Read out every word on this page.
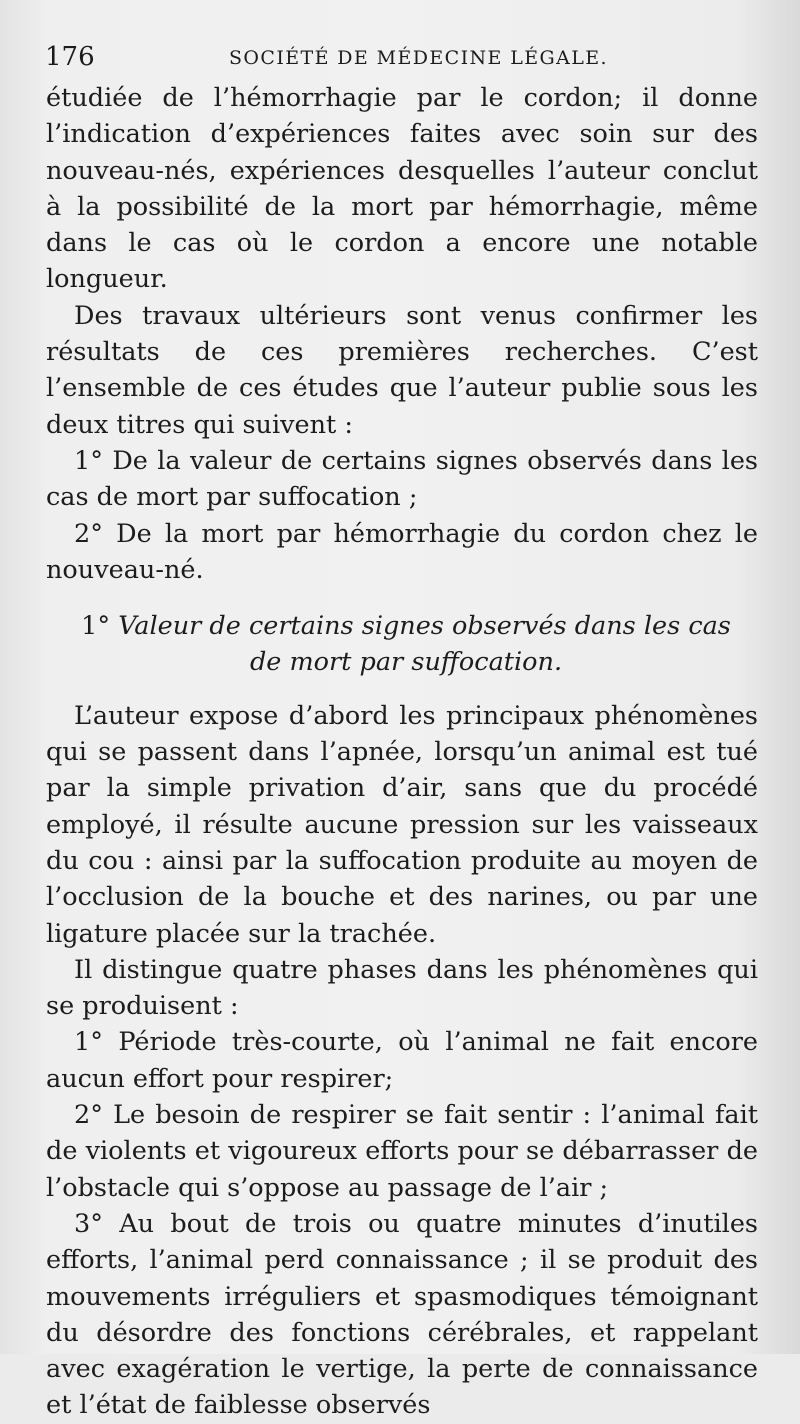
176	SOCIÉTÉ DE MÉDECINE LÉGALE.

étudiée de l’hémorrhagie par le cordon; il donne l’indication d’expériences faites avec soin sur des nouveau-nés, expériences desquelles l’auteur conclut à la possibilité de la mort par hémorrhagie, même dans le cas où le cordon a encore une notable longueur.

Des travaux ultérieurs sont venus confirmer les résultats de ces premières recherches. C’est l’ensemble de ces études que l’auteur publie sous les deux titres qui suivent :

1° De la valeur de certains signes observés dans les cas de mort par suffocation ;

2° De la mort par hémorrhagie du cordon chez le nouveau-né.

1° Valeur de certains signes observés dans les cas de mort par suffocation.

L’auteur expose d’abord les principaux phénomènes qui se passent dans l’apnée, lorsqu’un animal est tué par la simple privation d’air, sans que du procédé employé, il résulte aucune pression sur les vaisseaux du cou : ainsi par la suffocation produite au moyen de l’occlusion de la bouche et des narines, ou par une ligature placée sur la trachée.

Il distingue quatre phases dans les phénomènes qui se produisent :

1° Période très-courte, où l’animal ne fait encore aucun effort pour respirer;

2° Le besoin de respirer se fait sentir : l’animal fait de violents et vigoureux efforts pour se débarrasser de l’obstacle qui s’oppose au passage de l’air ;

3° Au bout de trois ou quatre minutes d’inutiles efforts, l’animal perd connaissance ; il se produit des mouvements irréguliers et spasmodiques témoignant du désordre des fonctions cérébrales, et rappelant avec exagération le vertige, la perte de connaissance et l’état de faiblesse observés
